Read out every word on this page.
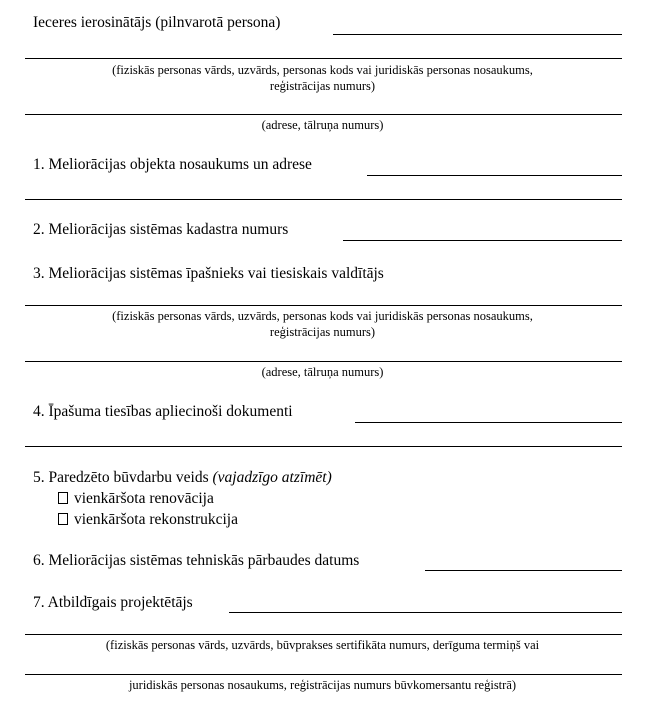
Ieceres ierosinātājs (pilnvarotā persona)
(fiziskās personas vārds, uzvārds, personas kods vai juridiskās personas nosaukums,
reģistrācijas numurs)
(adrese, tālruņa numurs)
1. Meliorācijas objekta nosaukums un adrese
2. Meliorācijas sistēmas kadastra numurs
3. Meliorācijas sistēmas īpašnieks vai tiesiskais valdītājs
(fiziskās personas vārds, uzvārds, personas kods vai juridiskās personas nosaukums,
reģistrācijas numurs)
(adrese, tālruņa numurs)
4. Īpašuma tiesības apliecinoši dokumenti
5. Paredzēto būvdarbu veids (vajadzīgo atzīmēt)
vienkāršota renovācija
vienkāršota rekonstrukcija
6. Meliorācijas sistēmas tehniskās pārbaudes datums
7. Atbildīgais projektētājs
(fiziskās personas vārds, uzvārds, būvprakses sertifikāta numurs, derīguma termiņš vai
juridiskās personas nosaukums, reģistrācijas numurs būvkomersantu reģistrā)
